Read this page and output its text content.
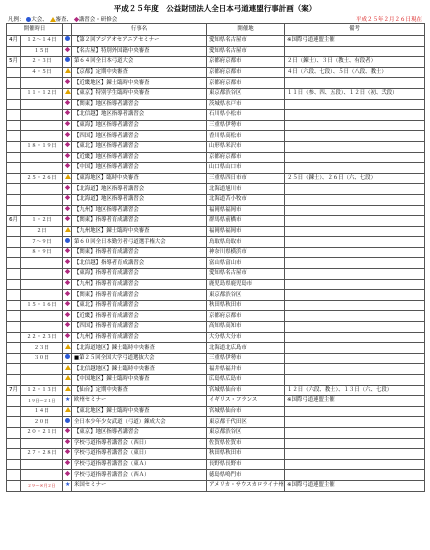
平成２５年度　公益財団法人全日本弓道連盟行事計画（案）
凡例： 大会、 審査、 講習会・研修会	平成２５年２月２６日現在
開催時日			行事名	開催地	備考
4月	１２～１４日		【第２回アジアオセアニアセミナー	愛知県名古屋市	※国際弓道連盟主催
	１５日		【名古屋】特別外国籍中央審査	愛知県名古屋市	
5月	２・３日		第６４回全日本弓道大会	京都府京都市	２日（錬士）、３日（教士、有段者）
	４・５日		【京都】定期中央審査	京都府京都市	４日（六段、七段）、５日（八段、教士）
			【近畿地区】錬士臨時中央審査	京都府京都市	
	１１・１２日		【東京】特別学生臨時中央審査	東京都渋谷区	１１日（参、四、五段）、１２日（初、弐段）
			【関東】地区指導者講習会	茨城県水戸市	
			【北信越】地区指導者講習会	石川県小松市	
			【東海】地区指導者講習会	三重県伊勢市	
			【四国】地区指導者講習会	香川県高松市	
	１８・１９日		【東北】地区指導者講習会	山形県米沢市	
			【近畿】地区指導者講習会	京都府京都市	
			【中国】地区指導者講習会	山口県山口市	
	２５・２６日		【東海地区】臨時中央審査	三重県四日市市	２５日（錬士）、２６日（六、七段）
			【北海道】地区指導者講習会	北海道旭川市	
			【北海道】地区指導者講習会	北海道苫小牧市	
			【九州】地区指導者講習会	福岡県福岡市	
6月	１・２日		【関東】指導者育成講習会	群馬県前橋市	
	２日		【九州地区】錬士臨時中央審査	福岡県福岡市	
	７～９日		第６０回全日本勤労者弓道選手権大会	鳥取県鳥取市	
	８・９日		【関東】指導者育成講習会	神奈川県横浜市	
			【北信越】指導者育成講習会	富山県富山市	
			【東海】指導者育成講習会	愛知県名古屋市	
			【九州】指導者育成講習会	鹿児島県鹿児島市	
			【関東】指導者育成講習会	東京都渋谷区	
	１５・１６日		【東北】指導者育成講習会	秋田県秋田市	
			【近畿】指導者育成講習会	京都府京都市	
			【四国】指導者育成講習会	高知県高知市	
	２２・２３日		【九州】指導者育成講習会	大分県大分市	
	２３日		【北海道地区】錬士臨時中央審査	北海道北広島市	
	３０日		■第２５回全国大学弓道選抜大会	三重県伊勢市	
			【北信越地区】錬士臨時中央審査	福井県福井市	
			【中国地区】錬士臨時中央審査	広島県広島市	
7月	１２・１３日		【仙台】定期中央審査	宮城県仙台市	１２日（六段、教士）、１３日（六、七段）
	１９日～２１日	★	欧州セミナー	イギリス・フランス	※国際弓道連盟主催
	１４日		【東北地区】錬士臨時中央審査	宮城県仙台市	
	２０日		全日本少年少女武道（弓道）錬成大会	東京都千代田区	
	２０・２１日		【東京】地区指導者講習会	東京都渋谷区	
			学校弓道指導者講習会（西日）	佐賀県佐賀市	
	２７・２８日		学校弓道指導者講習会（東日）	秋田県秋田市	
			学校弓道指導者講習会（東Ａ）	長野県長野市	
			学校弓道指導者講習会（西Ａ）	徳島県鳴門市	
	２９～８月２日	★	米国セミナー	アメリカ・サウスカロライナ州	※国際弓道連盟主催
